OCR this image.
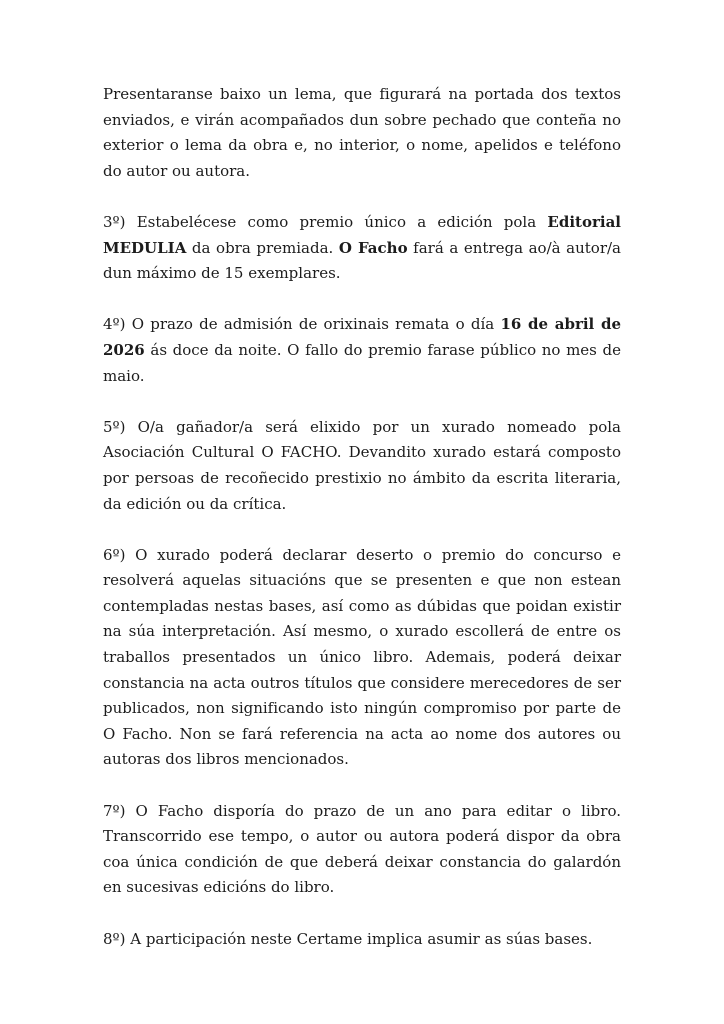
Presentaranse baixo un lema, que figurará na portada dos textos enviados, e virán acompañados dun sobre pechado que conteña no exterior o lema da obra e, no interior, o nome, apelidos e teléfono do autor ou autora.

3º) Estabelécese como premio único a edición pola Editorial MEDULIA da obra premiada. O Facho fará a entrega ao/à autor/a dun máximo de 15 exemplares.

4º) O prazo de admisión de orixinais remata o día 16 de abril de 2026 ás doce da noite. O fallo do premio farase público no mes de maio.

5º) O/a gañador/a será elixido por un xurado nomeado pola Asociación Cultural O FACHO. Devandito xurado estará composto por persoas de recoñecido prestixio no ámbito da escrita literaria, da edición ou da crítica.

6º) O xurado poderá declarar deserto o premio do concurso e resolverá aquelas situacións que se presenten e que non estean contempladas nestas bases, así como as dúbidas que poidan existir na súa interpretación. Así mesmo, o xurado escollerá de entre os traballos presentados un único libro. Ademais, poderá deixar constancia na acta outros títulos que considere merecedores de ser publicados, non significando isto ningún compromiso por parte de O Facho. Non se fará referencia na acta ao nome dos autores ou autoras dos libros mencionados.

7º) O Facho disporía do prazo de un ano para editar o libro. Transcorrido ese tempo, o autor ou autora poderá dispor da obra coa única condición de que deberá deixar constancia do galardón en sucesivas edicións do libro.

8º) A participación neste Certame implica asumir as súas bases.
